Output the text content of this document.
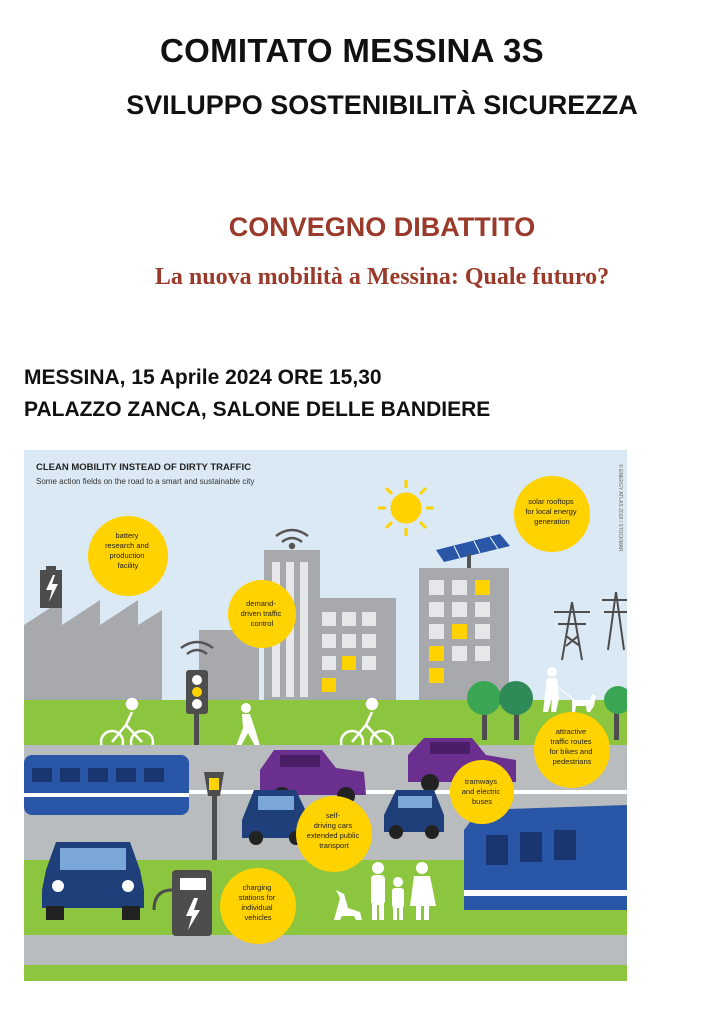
COMITATO MESSINA 3S
SVILUPPO SOSTENIBILITÀ SICUREZZA
CONVEGNO DIBATTITO
La nuova mobilità a Messina: Quale futuro?
MESSINA, 15 Aprile 2024 ORE 15,30
PALAZZO ZANCA, SALONE DELLE BANDIERE
CLEAN MOBILITY INSTEAD OF DIRTY TRAFFIC
Some action fields on the road to a smart and sustainable city	© ENERGY ATLAS 2018 / STOCKMAR
battery research and production facility
demand- driven traffic control
solar rooftops for local energy generation
attractive traffic routes for bikes and pedestrians
tramways and electric buses
self- driving cars extended public transport
charging stations for individual vehicles
